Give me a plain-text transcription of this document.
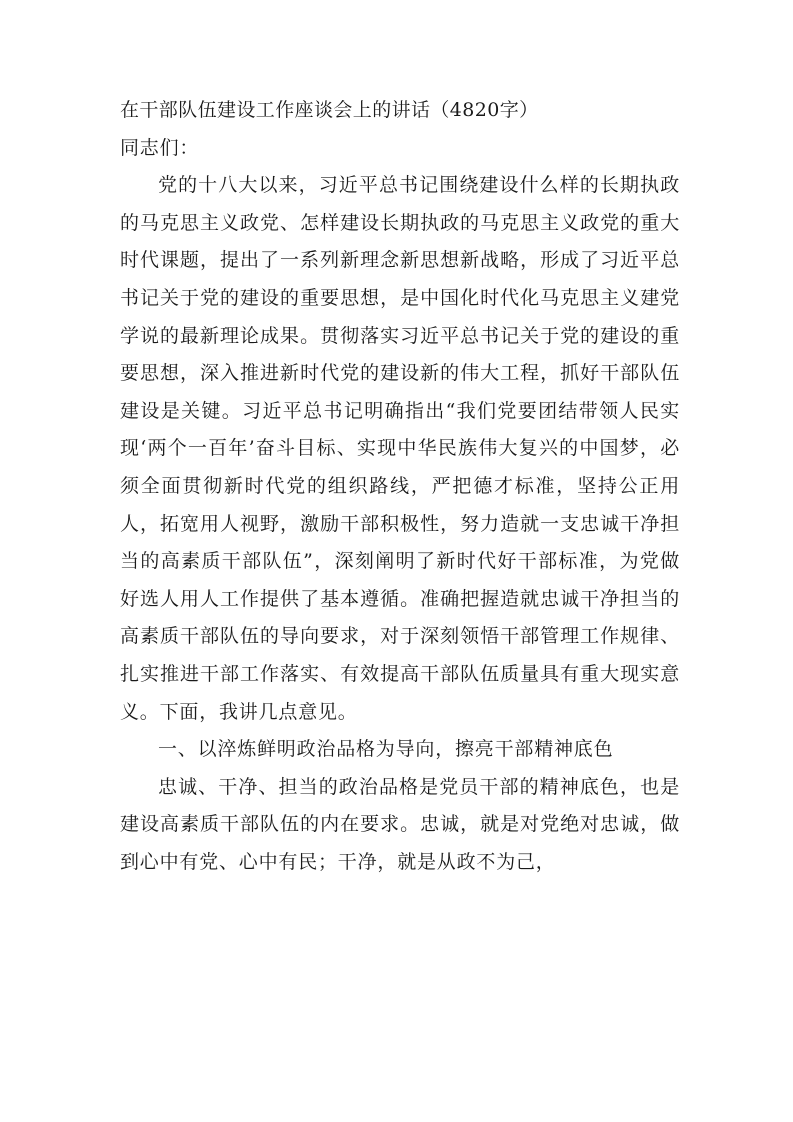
在干部队伍建设工作座谈会上的讲话（4820字）

同志们：

党的十八大以来，习近平总书记围绕建设什么样的长期执政的马克思主义政党、怎样建设长期执政的马克思主义政党的重大时代课题，提出了一系列新理念新思想新战略，形成了习近平总书记关于党的建设的重要思想，是中国化时代化马克思主义建党学说的最新理论成果。贯彻落实习近平总书记关于党的建设的重要思想，深入推进新时代党的建设新的伟大工程，抓好干部队伍建设是关键。习近平总书记明确指出“我们党要团结带领人民实现‘两个一百年’奋斗目标、实现中华民族伟大复兴的中国梦，必须全面贯彻新时代党的组织路线，严把德才标准，坚持公正用人，拓宽用人视野，激励干部积极性，努力造就一支忠诚干净担当的高素质干部队伍”，深刻阐明了新时代好干部标准，为党做好选人用人工作提供了基本遵循。准确把握造就忠诚干净担当的高素质干部队伍的导向要求，对于深刻领悟干部管理工作规律、扎实推进干部工作落实、有效提高干部队伍质量具有重大现实意义。下面，我讲几点意见。

一、以淬炼鲜明政治品格为导向，擦亮干部精神底色

忠诚、干净、担当的政治品格是党员干部的精神底色，也是建设高素质干部队伍的内在要求。忠诚，就是对党绝对忠诚，做到心中有党、心中有民；干净，就是从政不为己，
